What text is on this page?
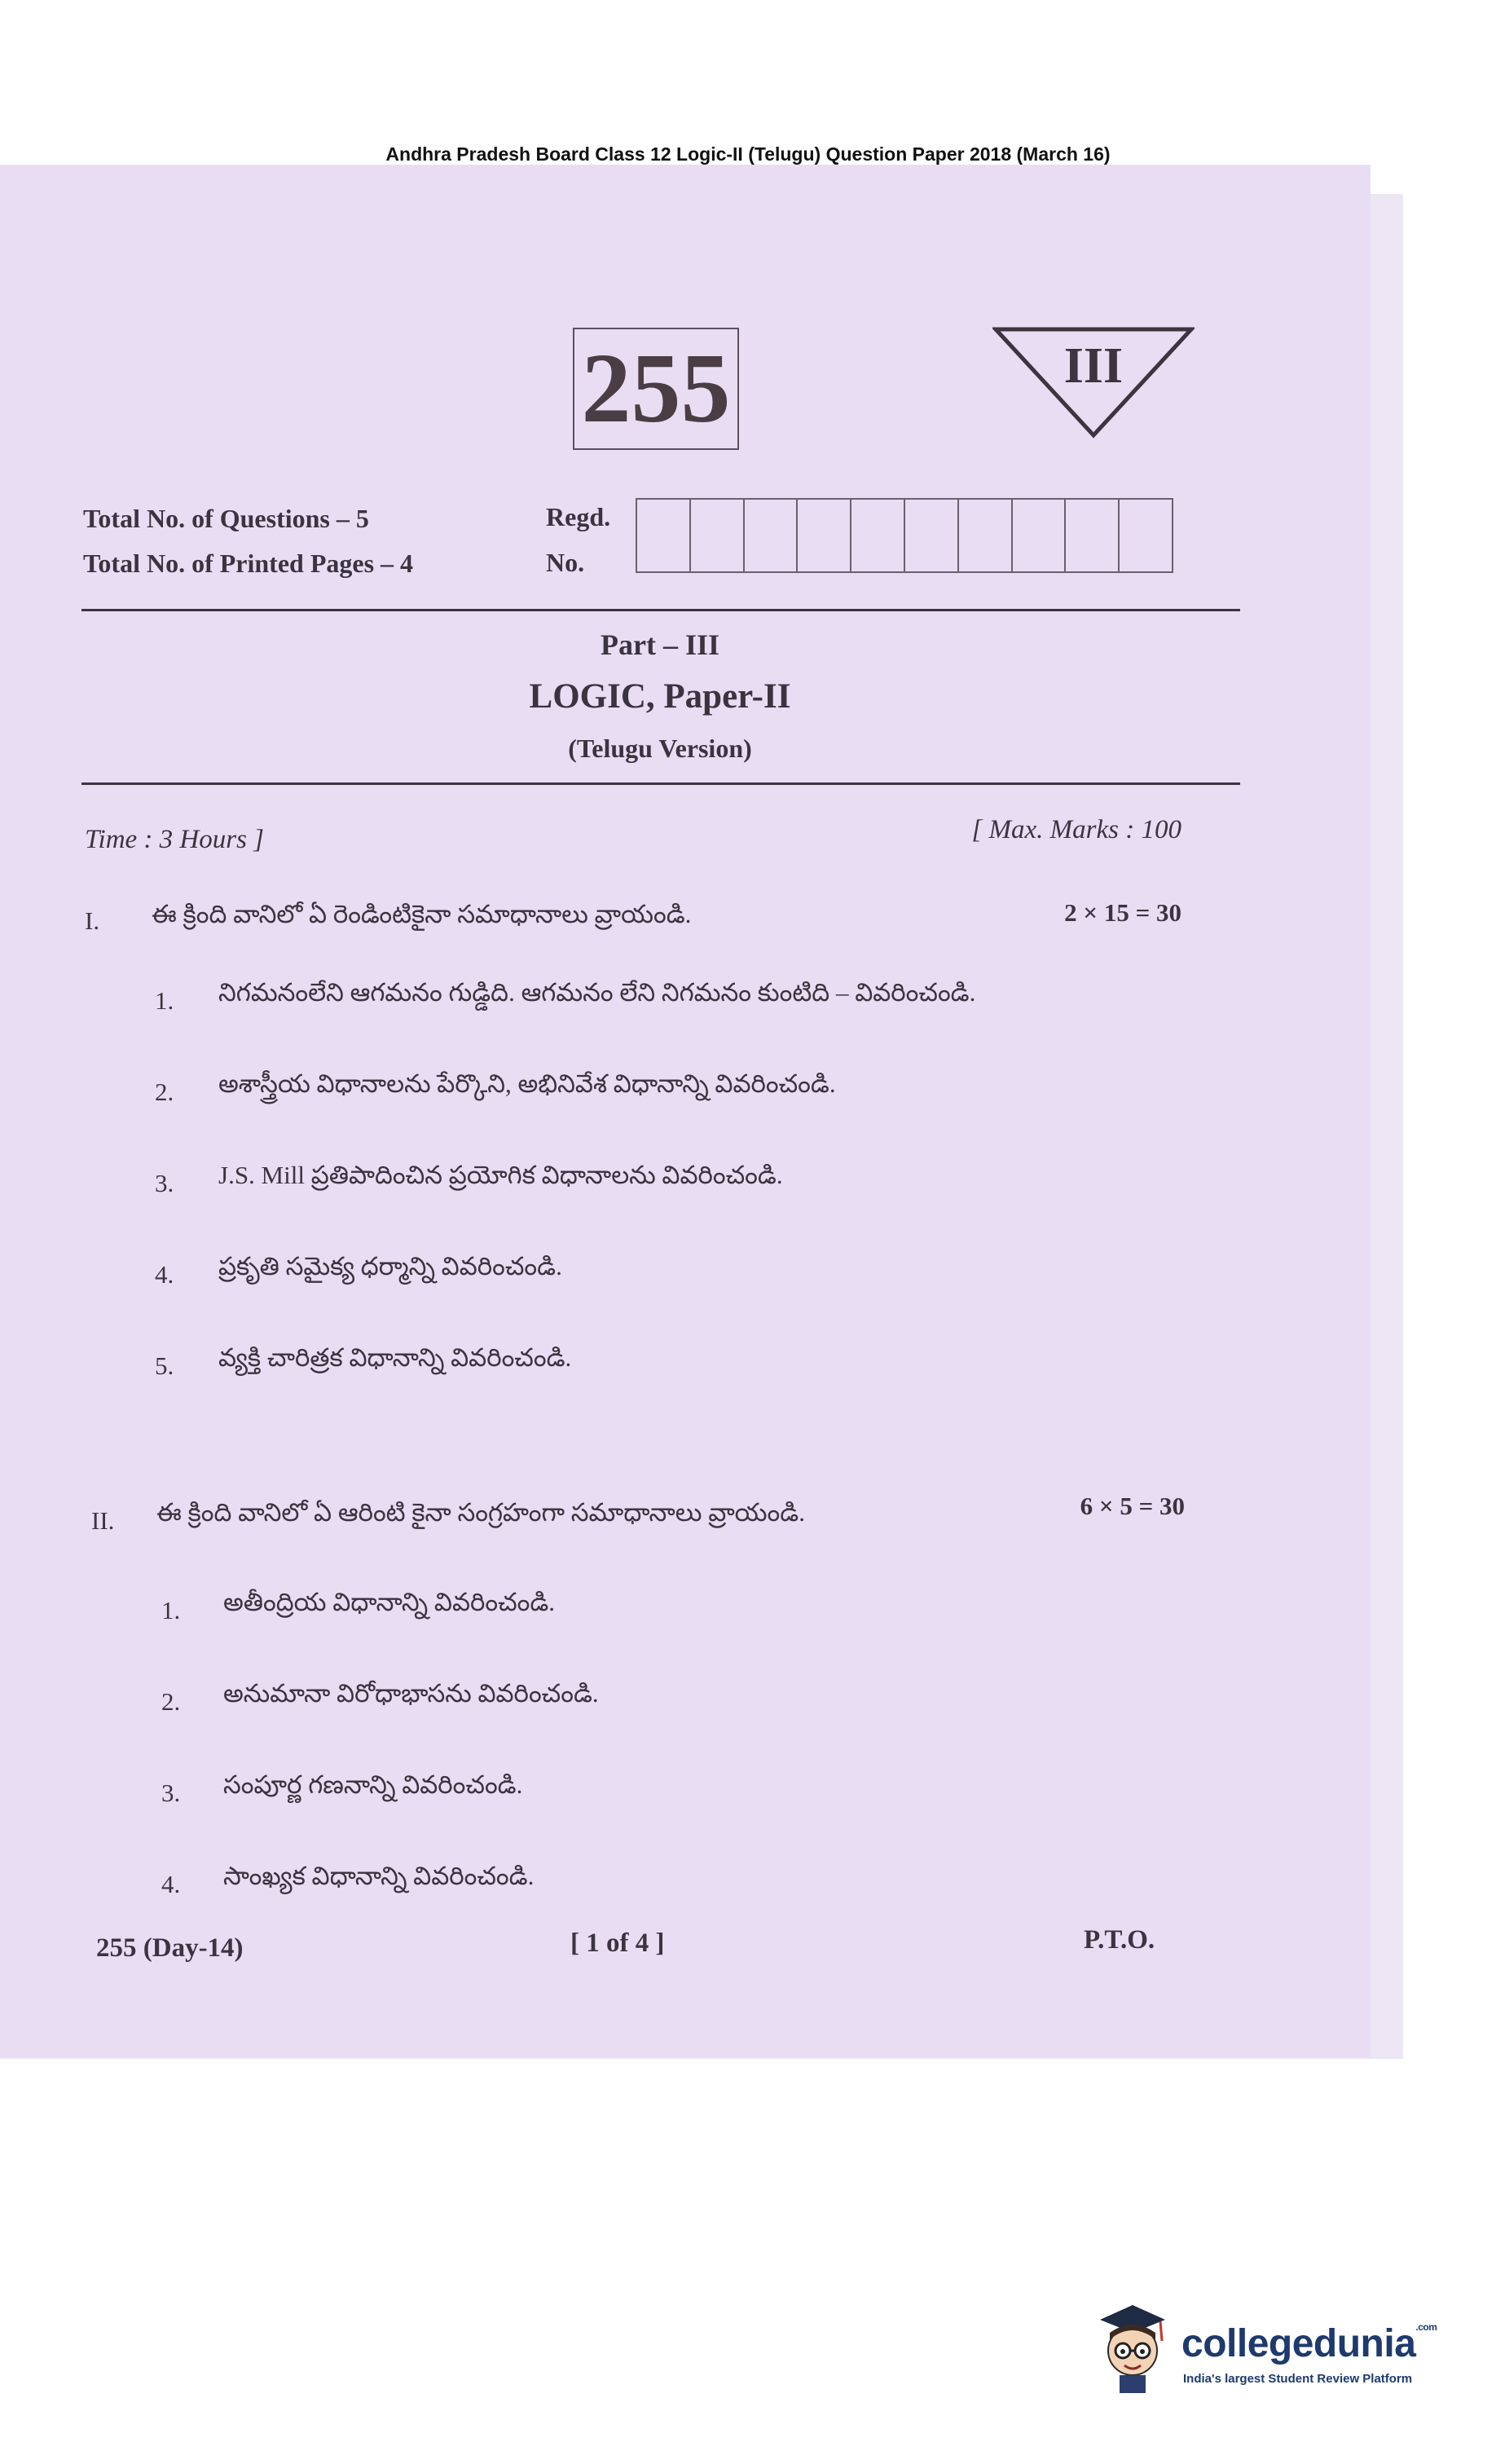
Andhra Pradesh Board Class 12 Logic-II (Telugu) Question Paper 2018 (March 16)
255	III
Total No. of Questions – 5
Total No. of Printed Pages – 4
Regd.
No.
Part – III
LOGIC, Paper-II
(Telugu Version)
Time : 3 Hours ]	[ Max. Marks : 100
I. ఈ క్రింది వానిలో ఏ రెండింటికైనా సమాధానాలు వ్రాయండి.	2 × 15 = 30
1. నిగమనంలేని ఆగమనం గుడ్డిది. ఆగమనం లేని నిగమనం కుంటిది – వివరించండి.
2. అశాస్త్రీయ విధానాలను పేర్కొని, అభినివేశ విధానాన్ని వివరించండి.
3. J.S. Mill ప్రతిపాదించిన ప్రయోగిక విధానాలను వివరించండి.
4. ప్రకృతి సమైక్య ధర్మాన్ని వివరించండి.
5. వ్యక్తి చారిత్రక విధానాన్ని వివరించండి.
II. ఈ క్రింది వానిలో ఏ ఆరింటి కైనా సంగ్రహంగా సమాధానాలు వ్రాయండి.	6 × 5 = 30
1. అతీంద్రియ విధానాన్ని వివరించండి.
2. అనుమానా విరోధాభాసను వివరించండి.
3. సంపూర్ణ గణనాన్ని వివరించండి.
4. సాంఖ్యక విధానాన్ని వివరించండి.
255 (Day-14)	[ 1 of 4 ]	P.T.O.
collegedunia$^{.com}$
India's largest Student Review Platform
